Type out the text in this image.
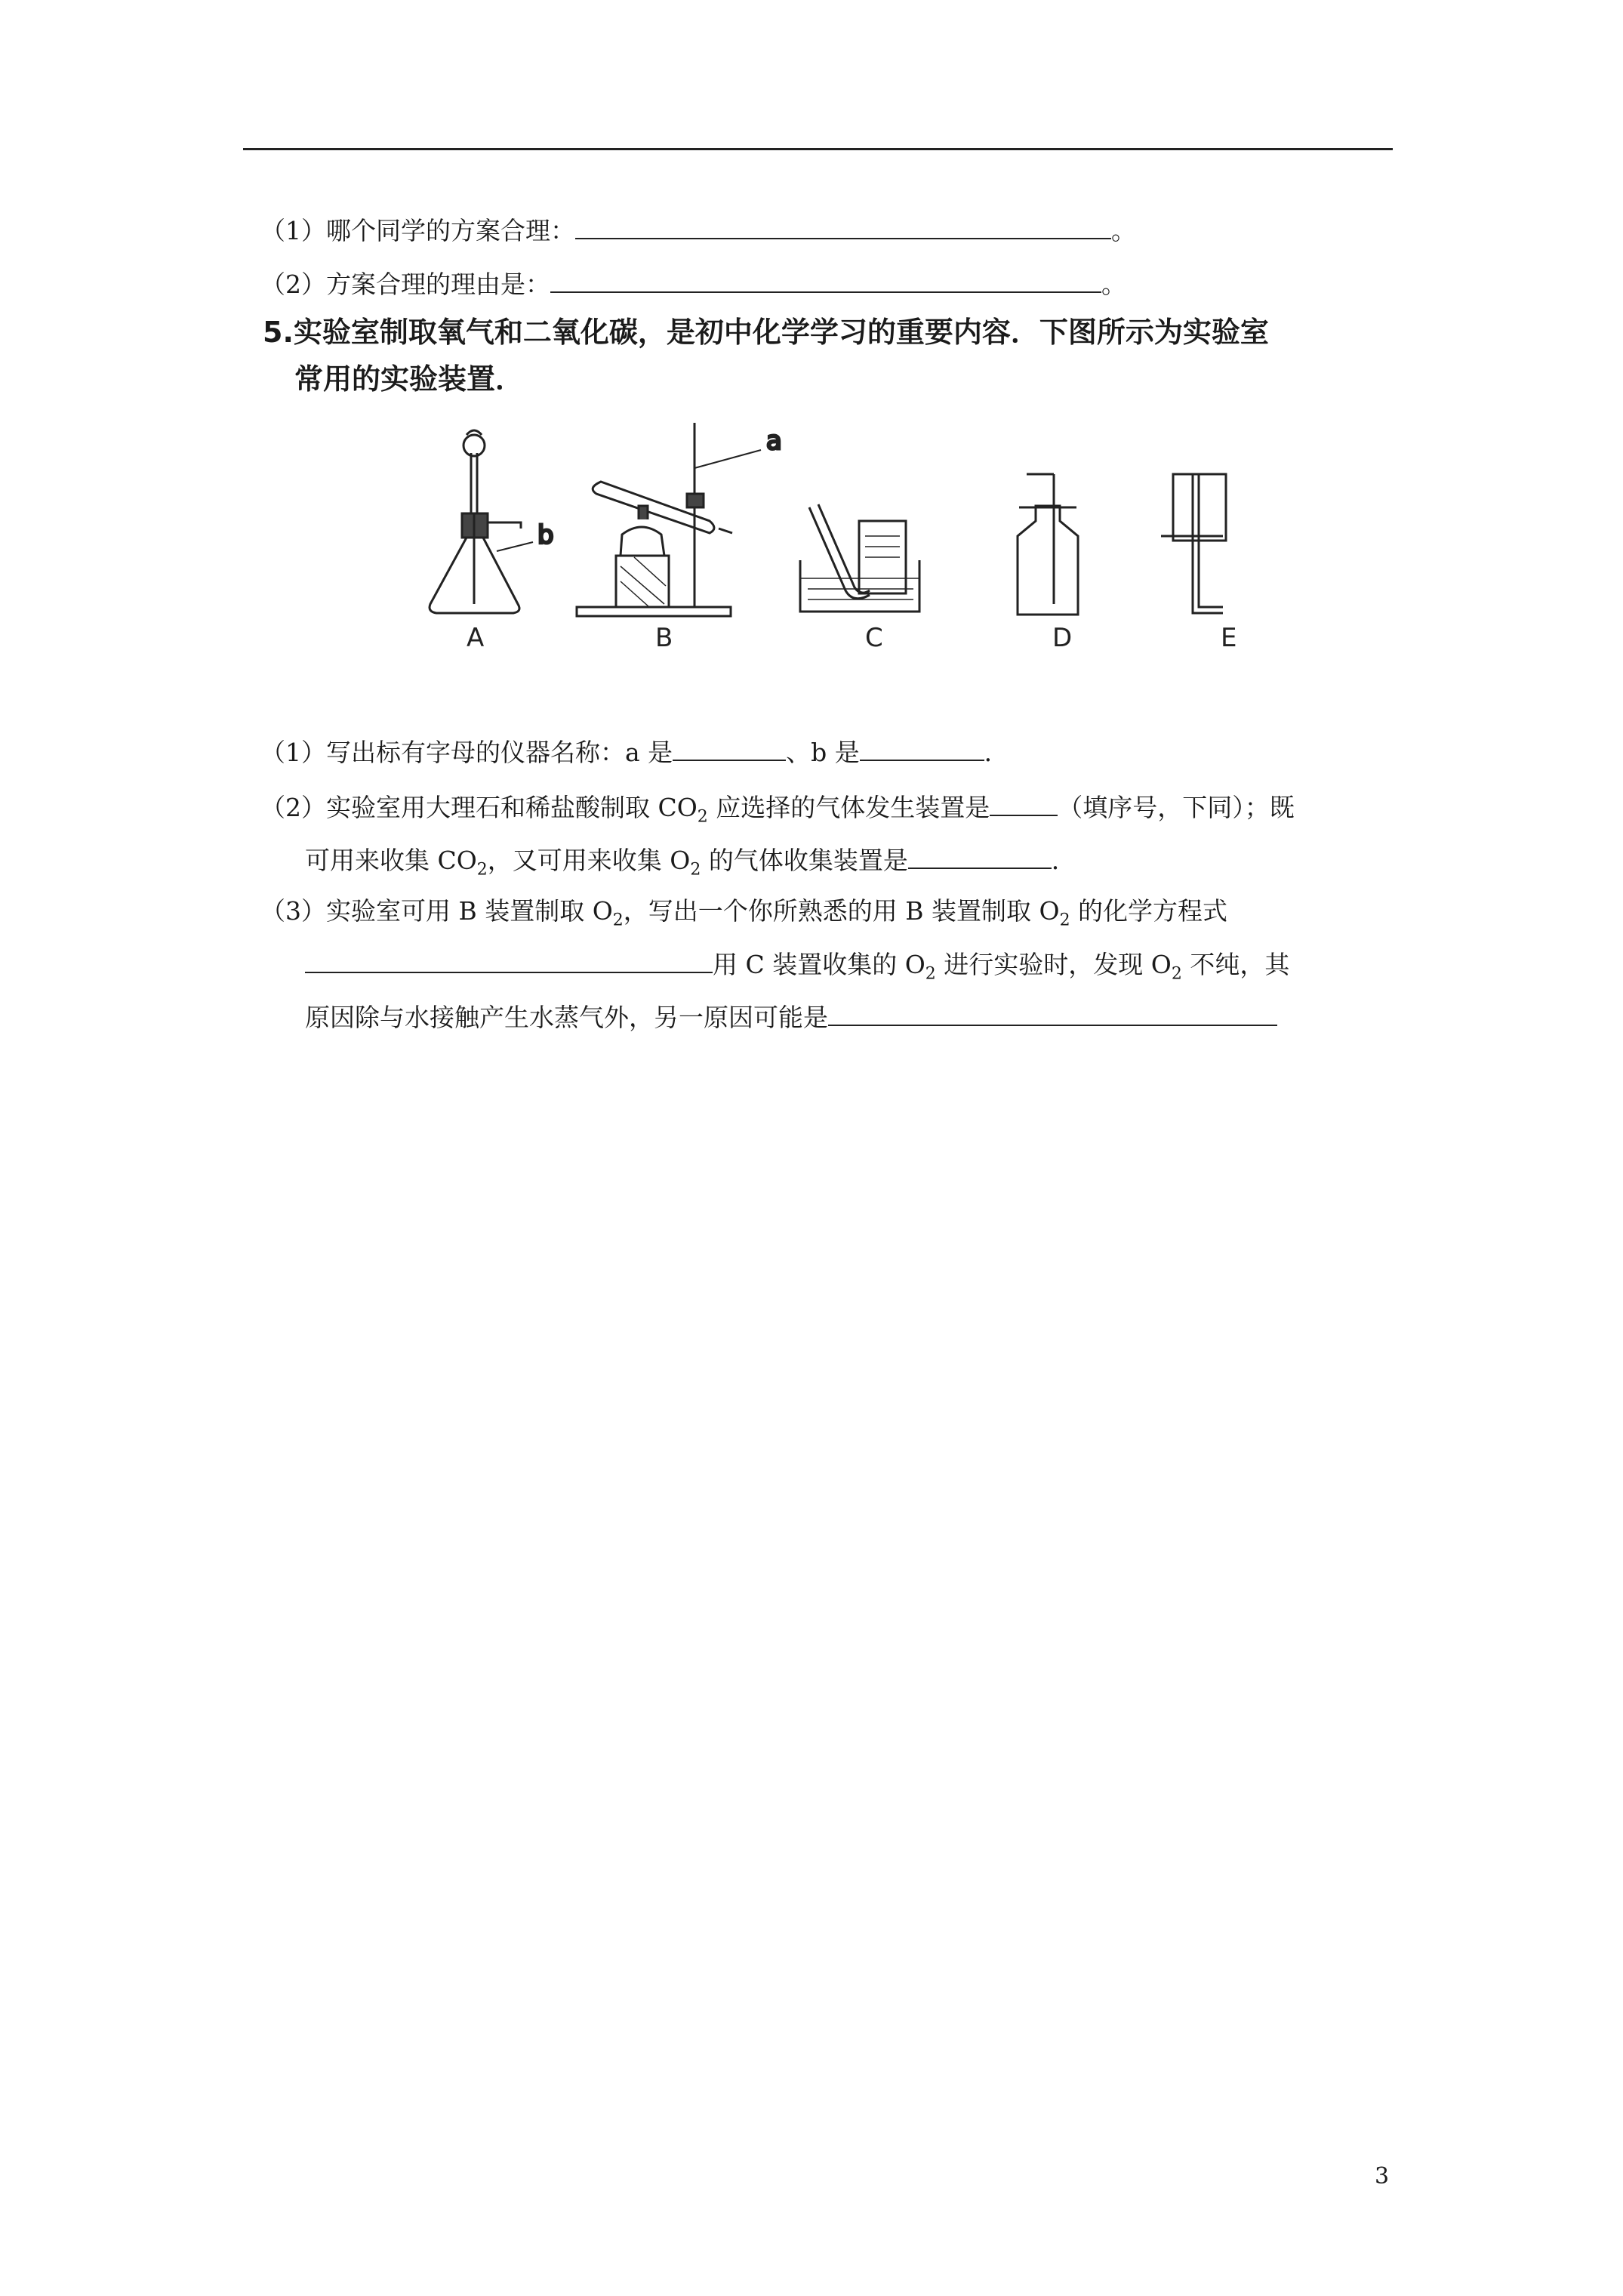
（1）哪个同学的方案合理：	。
（2）方案合理的理由是：	。
5.实验室制取氧气和二氧化碳，是初中化学学习的重要内容．下图所示为实验室
常用的实验装置．
b
a
A	B	C	D	E
（1）写出标有字母的仪器名称：a 是	、b 是	．
（2）实验室用大理石和稀盐酸制取 $CO_2$ 应选择的气体发生装置是	（填序号，下同）；既
可用来收集 $CO_2$，又可用来收集 $O_2$ 的气体收集装置是	．
（3）实验室可用 B 装置制取 $O_2$，写出一个你所熟悉的用 B 装置制取 $O_2$ 的化学方程式
用 C 装置收集的 $O_2$ 进行实验时，发现 $O_2$ 不纯，其
原因除与水接触产生水蒸气外，另一原因可能是
3
